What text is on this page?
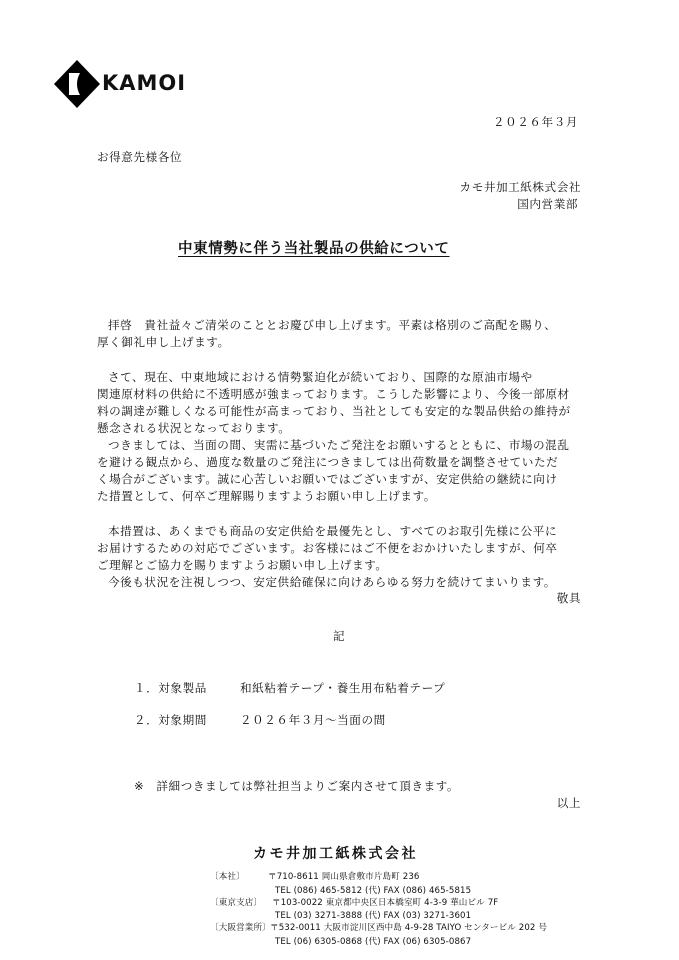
KAMOI
２０２６年３月
お得意先様各位
カモ井加工紙株式会社
国内営業部
中東情勢に伴う当社製品の供給について
拝啓　貴社益々ご清栄のこととお慶び申し上げます。平素は格別のご高配を賜り、
厚く御礼申し上げます。
さて、現在、中東地域における情勢緊迫化が続いており、国際的な原油市場や
関連原材料の供給に不透明感が強まっております。こうした影響により、今後一部原材
料の調達が難しくなる可能性が高まっており、当社としても安定的な製品供給の維持が
懸念される状況となっております。
つきましては、当面の間、実需に基づいたご発注をお願いするとともに、市場の混乱
を避ける観点から、過度な数量のご発注につきましては出荷数量を調整させていただ
く場合がございます。誠に心苦しいお願いではございますが、安定供給の継続に向け
た措置として、何卒ご理解賜りますようお願い申し上げます。
本措置は、あくまでも商品の安定供給を最優先とし、すべてのお取引先様に公平に
お届けするための対応でございます。お客様にはご不便をおかけいたしますが、何卒
ご理解とご協力を賜りますようお願い申し上げます。
今後も状況を注視しつつ、安定供給確保に向けあらゆる努力を続けてまいります。
敬具
記
１．対象製品	和紙粘着テープ・養生用布粘着テープ
２．対象期間	２０２６年３月～当面の間
※　詳細つきましては弊社担当よりご案内させて頂きます。
以上
カモ井加工紙株式会社
〔本社〕	〒710-8611 岡山県倉敷市片島町 236
TEL (086) 465-5812 (代) FAX (086) 465-5815
〔東京支店〕 〒103-0022 東京都中央区日本橋室町 4-3-9 華山ビル 7F
TEL (03) 3271-3888 (代) FAX (03) 3271-3601
〔大阪営業所〕 〒532-0011 大阪市淀川区西中島 4-9-28 TAIYO センタービル 202 号
TEL (06) 6305-0868 (代) FAX (06) 6305-0867
